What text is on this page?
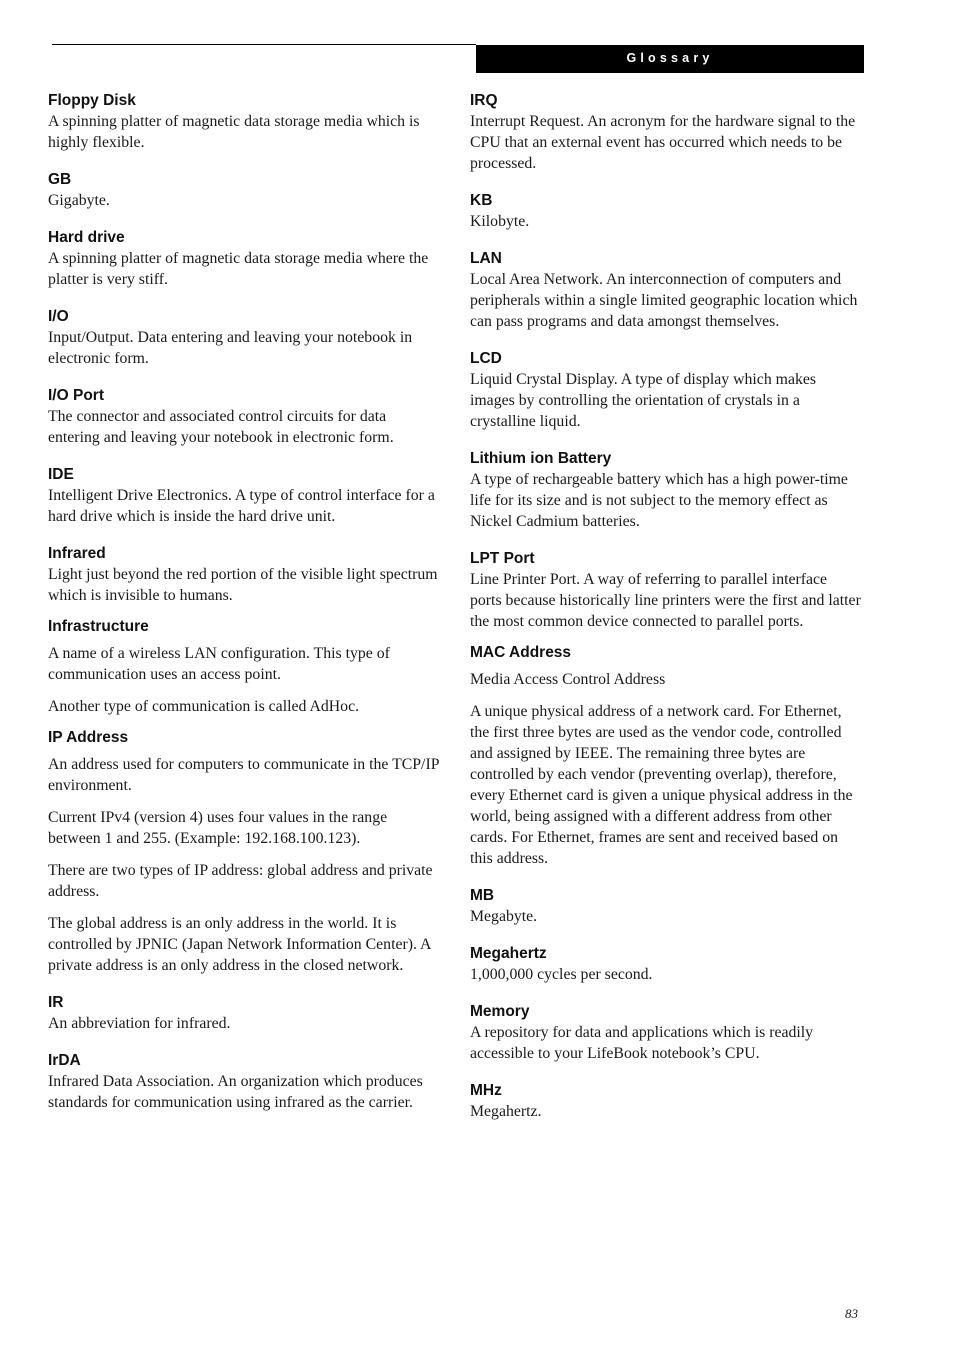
Glossary
Floppy Disk

A spinning platter of magnetic data storage media which is highly flexible.

GB

Gigabyte.

Hard drive

A spinning platter of magnetic data storage media where the platter is very stiff.

I/O

Input/Output. Data entering and leaving your notebook in electronic form.

I/O Port

The connector and associated control circuits for data entering and leaving your notebook in electronic form.

IDE

Intelligent Drive Electronics. A type of control interface for a hard drive which is inside the hard drive unit.

Infrared

Light just beyond the red portion of the visible light spectrum which is invisible to humans.

Infrastructure

A name of a wireless LAN configuration. This type of communication uses an access point.

Another type of communication is called AdHoc.

IP Address

An address used for computers to communicate in the TCP/IP environment.

Current IPv4 (version 4) uses four values in the range between 1 and 255. (Example: 192.168.100.123).

There are two types of IP address: global address and private address.

The global address is an only address in the world. It is controlled by JPNIC (Japan Network Information Center). A private address is an only address in the closed network.

IR

An abbreviation for infrared.

IrDA

Infrared Data Association. An organization which produces standards for communication using infrared as the carrier.

IRQ

Interrupt Request. An acronym for the hardware signal to the CPU that an external event has occurred which needs to be processed.

KB

Kilobyte.

LAN

Local Area Network. An interconnection of computers and peripherals within a single limited geographic location which can pass programs and data amongst themselves.

LCD

Liquid Crystal Display. A type of display which makes images by controlling the orientation of crystals in a crystalline liquid.

Lithium ion Battery

A type of rechargeable battery which has a high power-time life for its size and is not subject to the memory effect as Nickel Cadmium batteries.

LPT Port

Line Printer Port. A way of referring to parallel interface ports because historically line printers were the first and latter the most common device connected to parallel ports.

MAC Address

Media Access Control Address

A unique physical address of a network card. For Ethernet, the first three bytes are used as the vendor code, controlled and assigned by IEEE. The remaining three bytes are controlled by each vendor (preventing overlap), therefore, every Ethernet card is given a unique physical address in the world, being assigned with a different address from other cards. For Ethernet, frames are sent and received based on this address.

MB

Megabyte.

Megahertz

1,000,000 cycles per second.

Memory

A repository for data and applications which is readily accessible to your LifeBook notebook’s CPU.

MHz

Megahertz.

83
